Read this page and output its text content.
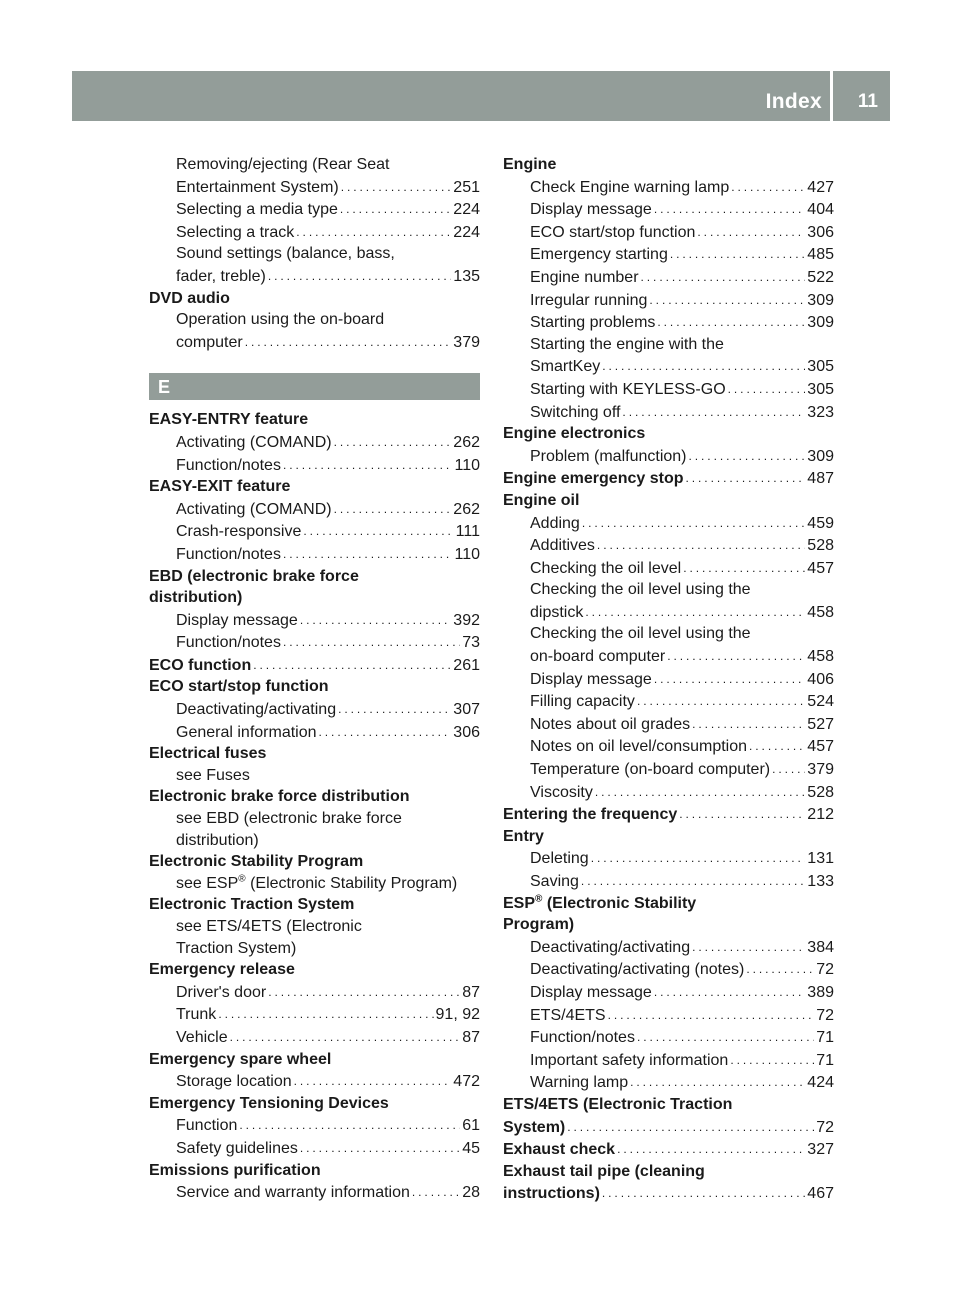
Index 11
Removing/ejecting (Rear Seat
Entertainment System) . . .	251
Selecting a media type . . .	224
Selecting a track . . .	224
Sound settings (balance, bass,
fader, treble) . . .	135
DVD audio
Operation using the on-board
computer . . .	379
E
EASY-ENTRY feature
Activating (COMAND) . . .	262
Function/notes . . .	110
EASY-EXIT feature
Activating (COMAND) . . .	262
Crash-responsive . . .	111
Function/notes . . .	110
EBD (electronic brake force
distribution)
Display message . . .	392
Function/notes . . .	73
ECO function . . .	261
ECO start/stop function
Deactivating/activating . . .	307
General information . . .	306
Electrical fuses
see Fuses
Electronic brake force distribution
see EBD (electronic brake force
distribution)
Electronic Stability Program
see ESP® (Electronic Stability Program)
Electronic Traction System
see ETS/4ETS (Electronic
Traction System)
Emergency release
Driver's door . . .	87
Trunk . . .	91, 92
Vehicle . . .	87
Emergency spare wheel
Storage location . . .	472
Emergency Tensioning Devices
Function . . .	61
Safety guidelines . . .	45
Emissions purification
Service and warranty information . . .	28
Engine
Check Engine warning lamp . . .	427
Display message . . .	404
ECO start/stop function . . .	306
Emergency starting . . .	485
Engine number . . .	522
Irregular running . . .	309
Starting problems . . .	309
Starting the engine with the
SmartKey . . .	305
Starting with KEYLESS-GO . . .	305
Switching off . . .	323
Engine electronics
Problem (malfunction) . . .	309
Engine emergency stop . . .	487
Engine oil
Adding . . .	459
Additives . . .	528
Checking the oil level . . .	457
Checking the oil level using the
dipstick . . .	458
Checking the oil level using the
on-board computer . . .	458
Display message . . .	406
Filling capacity . . .	524
Notes about oil grades . . .	527
Notes on oil level/consumption . . .	457
Temperature (on-board computer) . . . 379
Viscosity . . .	528
Entering the frequency . . .	212
Entry
Deleting . . .	131
Saving . . .	133
ESP® (Electronic Stability
Program)
Deactivating/activating . . .	384
Deactivating/activating (notes) . . .	72
Display message . . .	389
ETS/4ETS . . .	72
Function/notes . . .	71
Important safety information . . .	71
Warning lamp . . .	424
ETS/4ETS (Electronic Traction
System) . . .	72
Exhaust check . . .	327
Exhaust tail pipe (cleaning
instructions) . . .	467
